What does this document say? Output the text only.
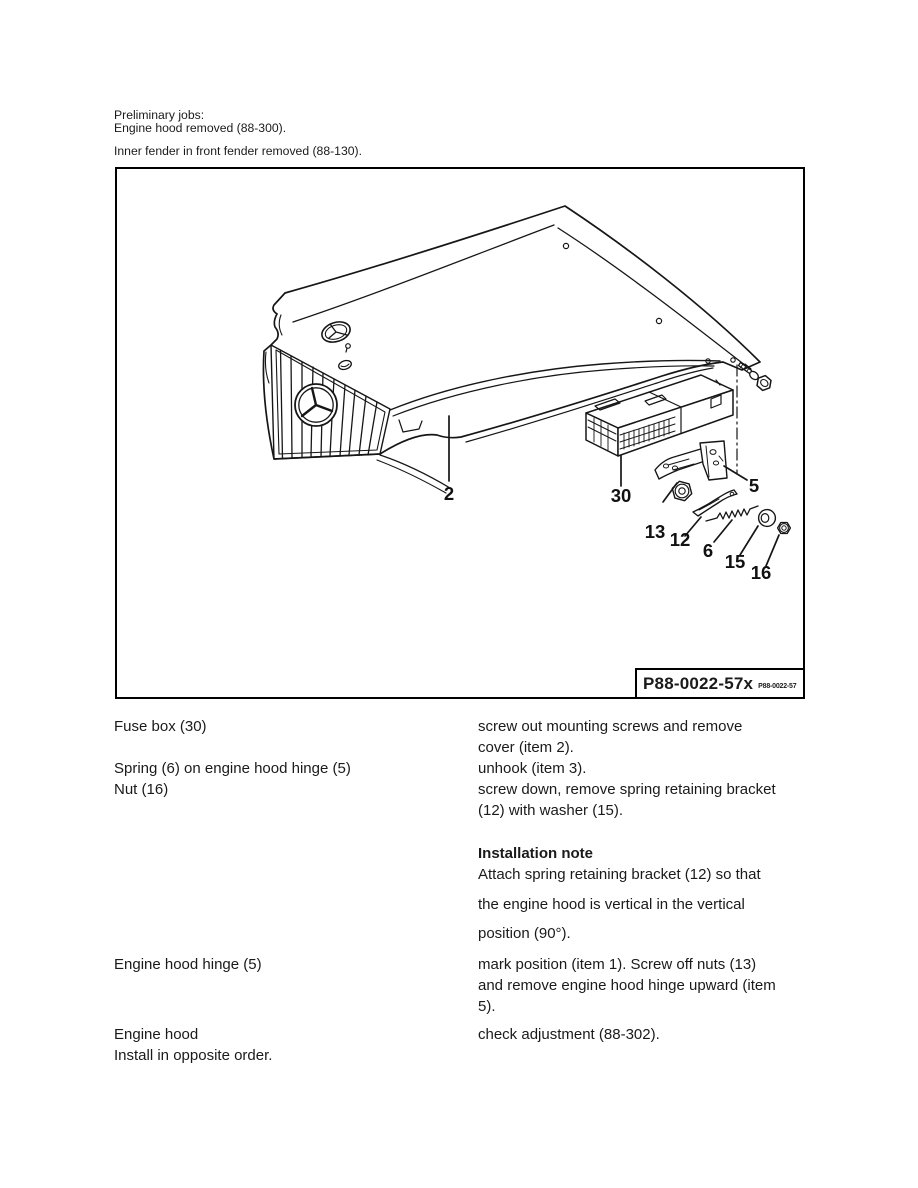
Preliminary jobs:
Engine hood removed (88-300).
Inner fender in front fender removed (88-130).
2	30	5
13 12
6
15
16
P88-0022-57x P88-0022-57
Fuse box (30)	screw out mounting screws and remove
cover (item 2).
Spring (6) on engine hood hinge (5)	unhook (item 3).
Nut (16)	screw down, remove spring retaining bracket
(12) with washer (15).
Installation note
Attach spring retaining bracket (12) so that
the engine hood is vertical in the vertical
position (90°).
Engine hood hinge (5)	mark position (item 1). Screw off nuts (13)
and remove engine hood hinge upward (item
5).
Engine hood	check adjustment (88-302).
Install in opposite order.
